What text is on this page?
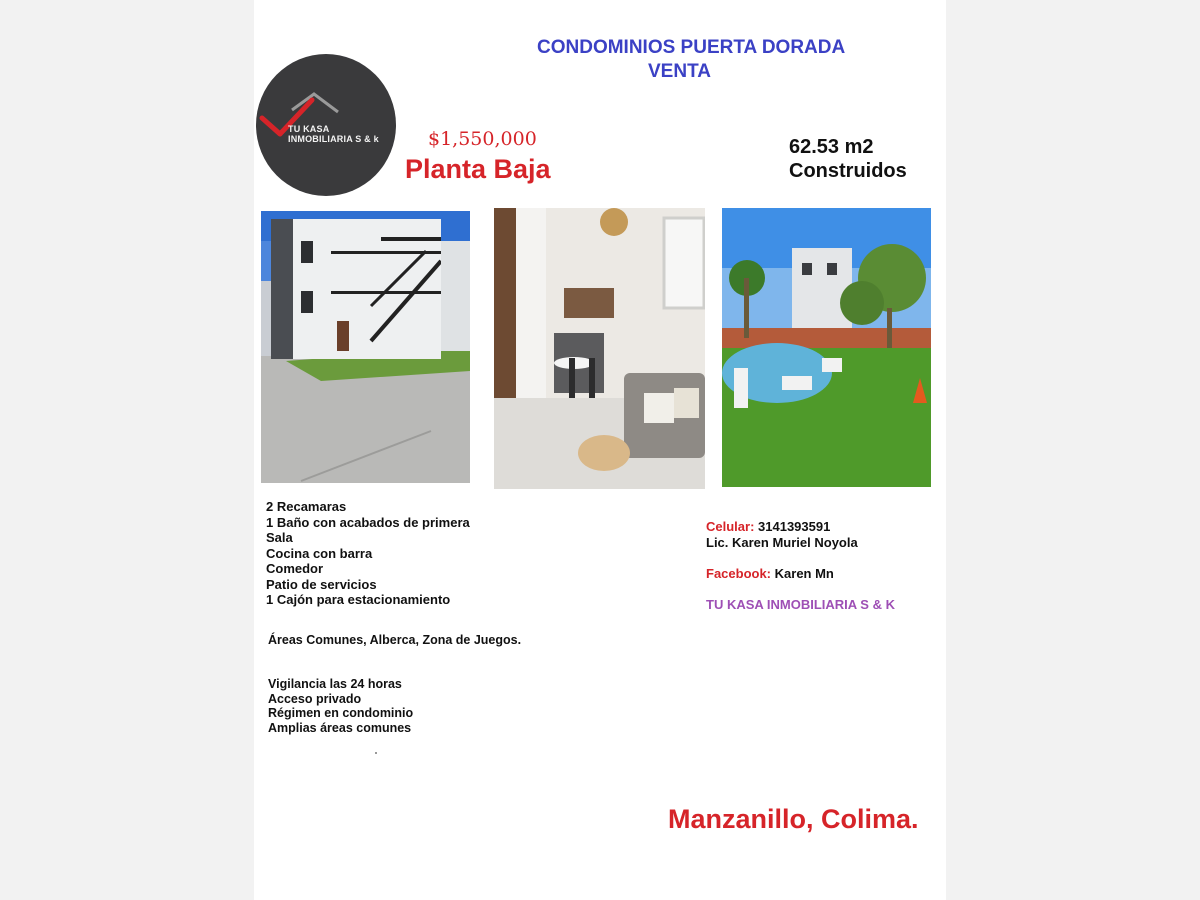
CONDOMINIOS PUERTA DORADA
VENTA
TU KASA
INMOBILIARIA S & k	$1,550,000
Planta Baja
62.53 m2
Construidos
2 Recamaras
1 Baño con acabados de primera
Sala
Cocina con barra
Comedor
Patio de servicios
1 Cajón para estacionamiento
Áreas Comunes, Alberca, Zona de Juegos.
Vigilancia las 24 horas
Acceso privado
Régimen en condominio
Amplias áreas comunes
Celular: 3141393591
Lic. Karen Muriel Noyola
Facebook: Karen Mn
TU KASA INMOBILIARIA S & K
Manzanillo, Colima.
